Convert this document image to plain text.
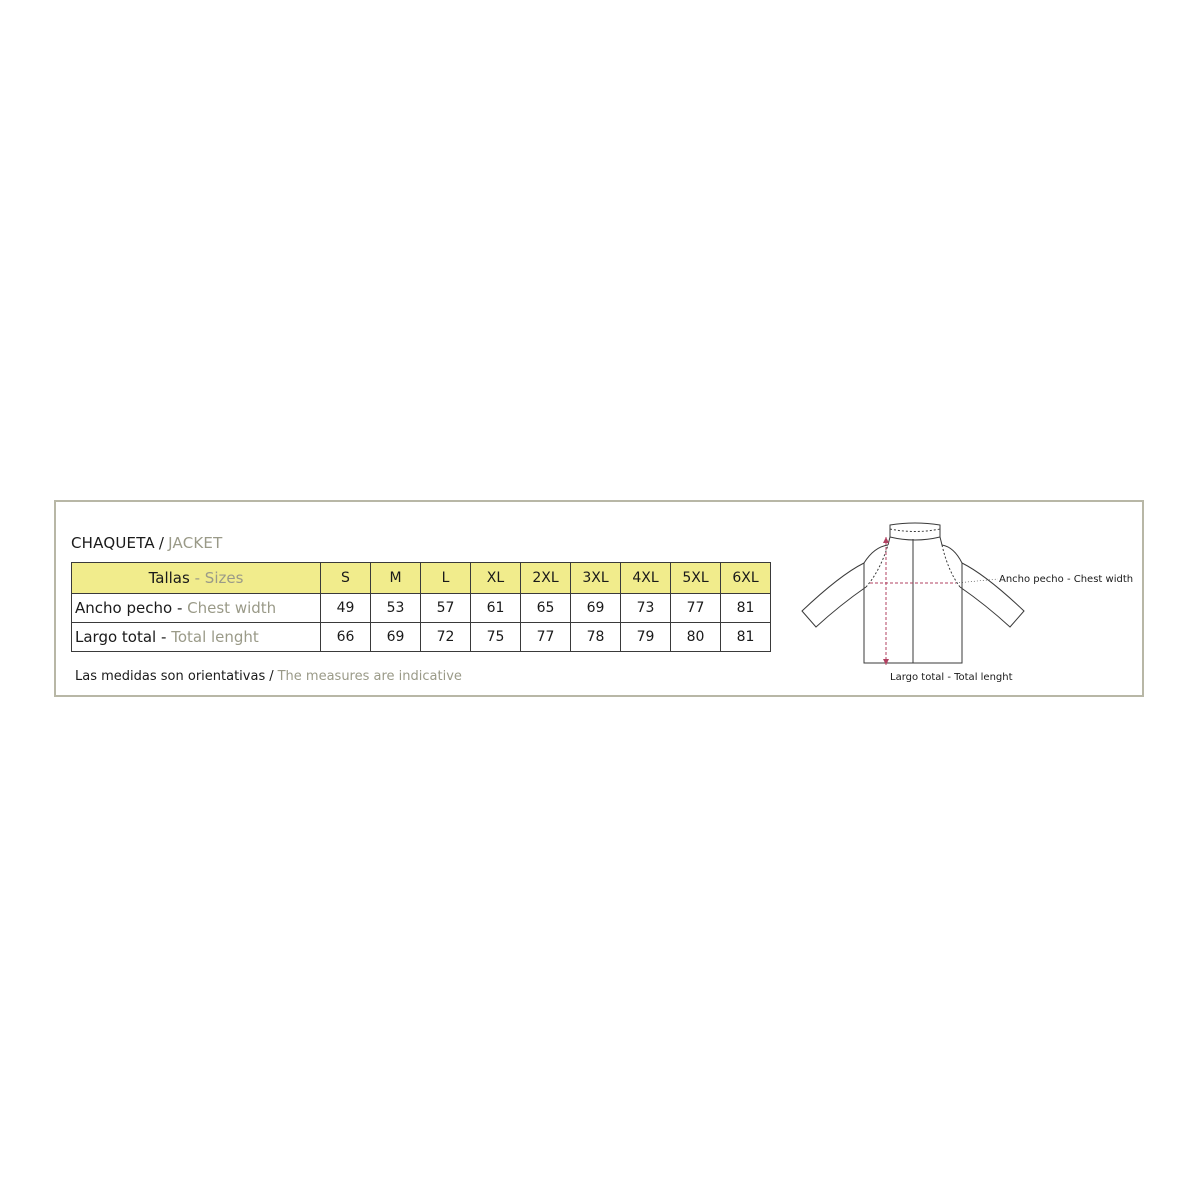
CHAQUETA / JACKET
Tallas - Sizes	S	M	L	XL	2XL	3XL	4XL	5XL	6XL
Ancho pecho - Chest width	49	53	57	61	65	69	73	77	81
Largo total - Total lenght	66	69	72	75	77	78	79	80	81
Las medidas son orientativas / The measures are indicative
Ancho pecho - Chest width
Largo total - Total lenght
